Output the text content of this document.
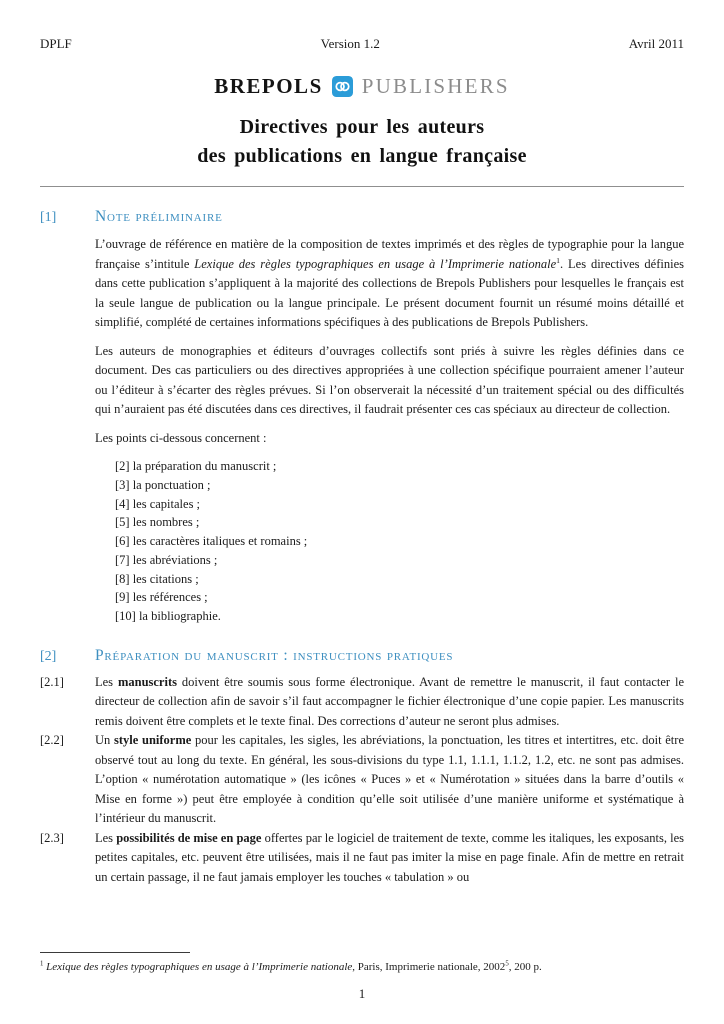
DPLF	Version 1.2	Avril 2011
BREPOLS PUBLISHERS
Directives pour les auteurs
des publications en langue française
[1]	Note préliminaire

L’ouvrage de référence en matière de la composition de textes imprimés et des règles de typographie pour la langue française s’intitule Lexique des règles typographiques en usage à l’Imprimerie nationale$^1$. Les directives définies dans cette publication s’appliquent à la majorité des collections de Brepols Publishers pour lesquelles le français est la seule langue de publication ou la langue principale. Le présent document fournit un résumé moins détaillé et simplifié, complété de certaines informations spécifiques à des publications de Brepols Publishers.

Les auteurs de monographies et éditeurs d’ouvrages collectifs sont priés à suivre les règles définies dans ce document. Des cas particuliers ou des directives appropriées à une collection spécifique pourraient amener l’auteur ou l’éditeur à s’écarter des règles prévues. Si l’on observerait la nécessité d’un traitement spécial ou des difficultés qui n’auraient pas été discutées dans ces directives, il faudrait présenter ces cas spéciaux au directeur de collection.

Les points ci-dessous concernent :

[2] la préparation du manuscrit ;
[3] la ponctuation ;
[4] les capitales ;
[5] les nombres ;
[6] les caractères italiques et romains ;
[7] les abréviations ;
[8] les citations ;
[9] les références ;
[10] la bibliographie.
[2]	Préparation du manuscrit : instructions pratiques
[2.1]	Les manuscrits doivent être soumis sous forme électronique. Avant de remettre le manuscrit, il faut contacter le directeur de collection afin de savoir s’il faut accompagner le fichier électronique d’une copie papier. Les manuscrits remis doivent être complets et le texte final. Des corrections d’auteur ne seront plus admises.
[2.2]	Un style uniforme pour les capitales, les sigles, les abréviations, la ponctuation, les titres et intertitres, etc. doit être observé tout au long du texte. En général, les sous-divisions du type 1.1, 1.1.1, 1.1.2, 1.2, etc. ne sont pas admises. L’option « numérotation automatique » (les icônes « Puces » et « Numérotation » situées dans la barre d’outils « Mise en forme ») peut être employée à condition qu’elle soit utilisée d’une manière uniforme et systématique à l’intérieur du manuscrit.
[2.3]	Les possibilités de mise en page offertes par le logiciel de traitement de texte, comme les italiques, les exposants, les petites capitales, etc. peuvent être utilisées, mais il ne faut pas imiter la mise en page finale. Afin de mettre en retrait un certain passage, il ne faut jamais employer les touches « tabulation » ou
$^1$ Lexique des règles typographiques en usage à l’Imprimerie nationale, Paris, Imprimerie nationale, 2002$^5$, 200 p.
1
